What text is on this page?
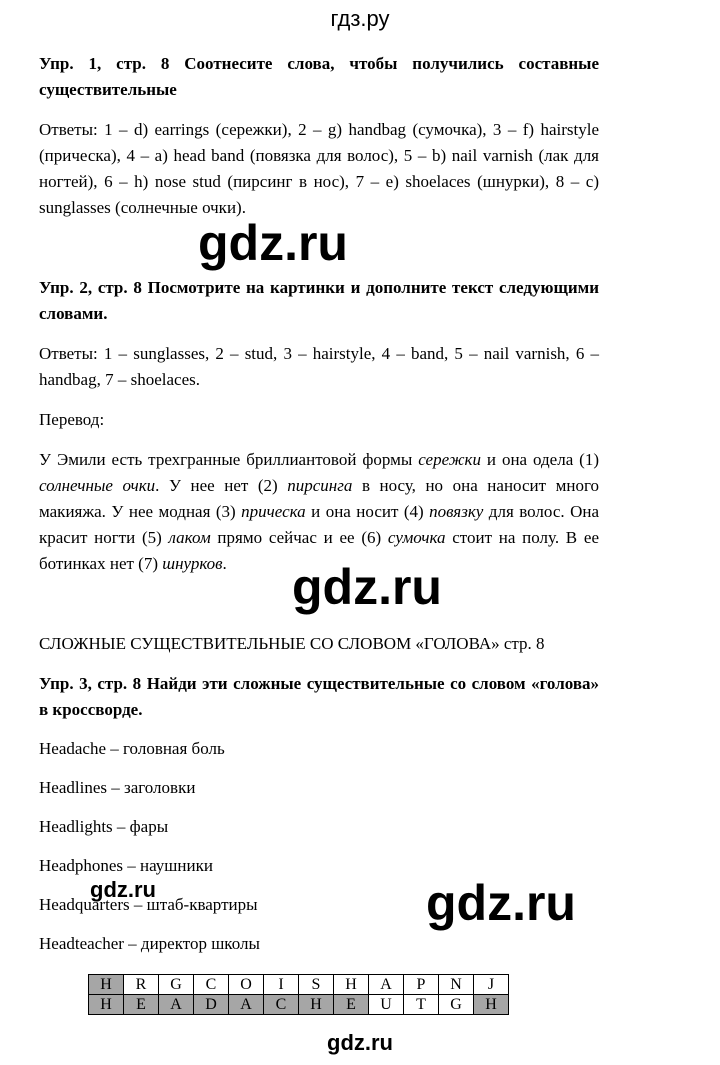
гдз.ру

Упр. 1, стр. 8 Соотнесите слова, чтобы получились составные существительные

Ответы: 1 – d) earrings (сережки), 2 – g) handbag (сумочка), 3 – f) hairstyle (прическа), 4 – a) head band (повязка для волос), 5 – b) nail varnish (лак для ногтей), 6 – h) nose stud (пирсинг в нос), 7 – e) shoelaces (шнурки), 8 – c) sunglasses (солнечные очки).

Упр. 2, стр. 8 Посмотрите на картинки и дополните текст следующими словами.

Ответы: 1 – sunglasses, 2 – stud, 3 – hairstyle, 4 – band, 5 – nail varnish, 6 – handbag, 7 – shoelaces.

Перевод:

У Эмили есть трехгранные бриллиантовой формы сережки и она одела (1) солнечные очки. У нее нет (2) пирсинга в носу, но она наносит много макияжа. У нее модная (3) прическа и она носит (4) повязку для волос. Она красит ногти (5) лаком прямо сейчас и ее (6) сумочка стоит на полу. В ее ботинках нет (7) шнурков.

СЛОЖНЫЕ СУЩЕСТВИТЕЛЬНЫЕ СО СЛОВОМ «ГОЛОВА» стр. 8

Упр. 3, стр. 8 Найди эти сложные существительные со словом «голова» в кроссворде.

Headache – головная боль

Headlines – заголовки

Headlights – фары

Headphones – наушники

Headquarters – штаб-квартиры

Headteacher – директор школы

H	R	G	C	O	I	S	H	A	P	N	J
H	E	A	D	A	C	H	E	U	T	G	H
gdz.ru
gdz.ru
gdz.ru
gdz.ru
gdz.ru
